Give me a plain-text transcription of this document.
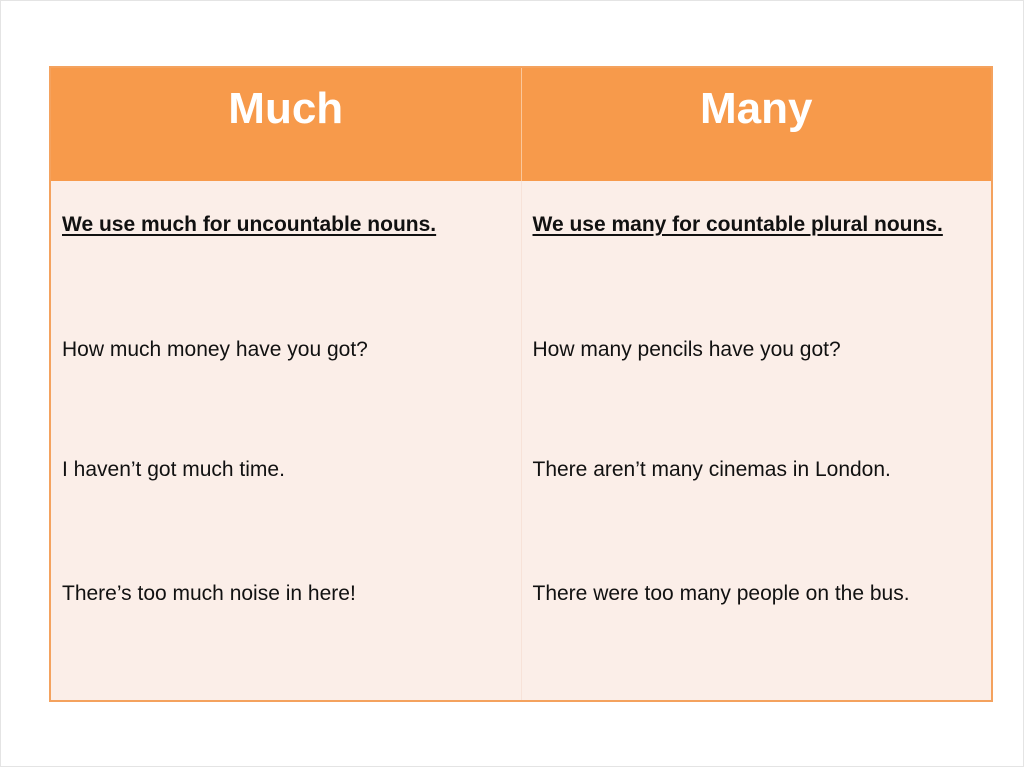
Much	Many
We use much for uncountable nouns.
How much money have you got?
I haven’t got much time.
There’s too much noise in here!
We use many for countable plural nouns.
How many pencils have you got?
There aren’t many cinemas in London.
There were too many people on the bus.
